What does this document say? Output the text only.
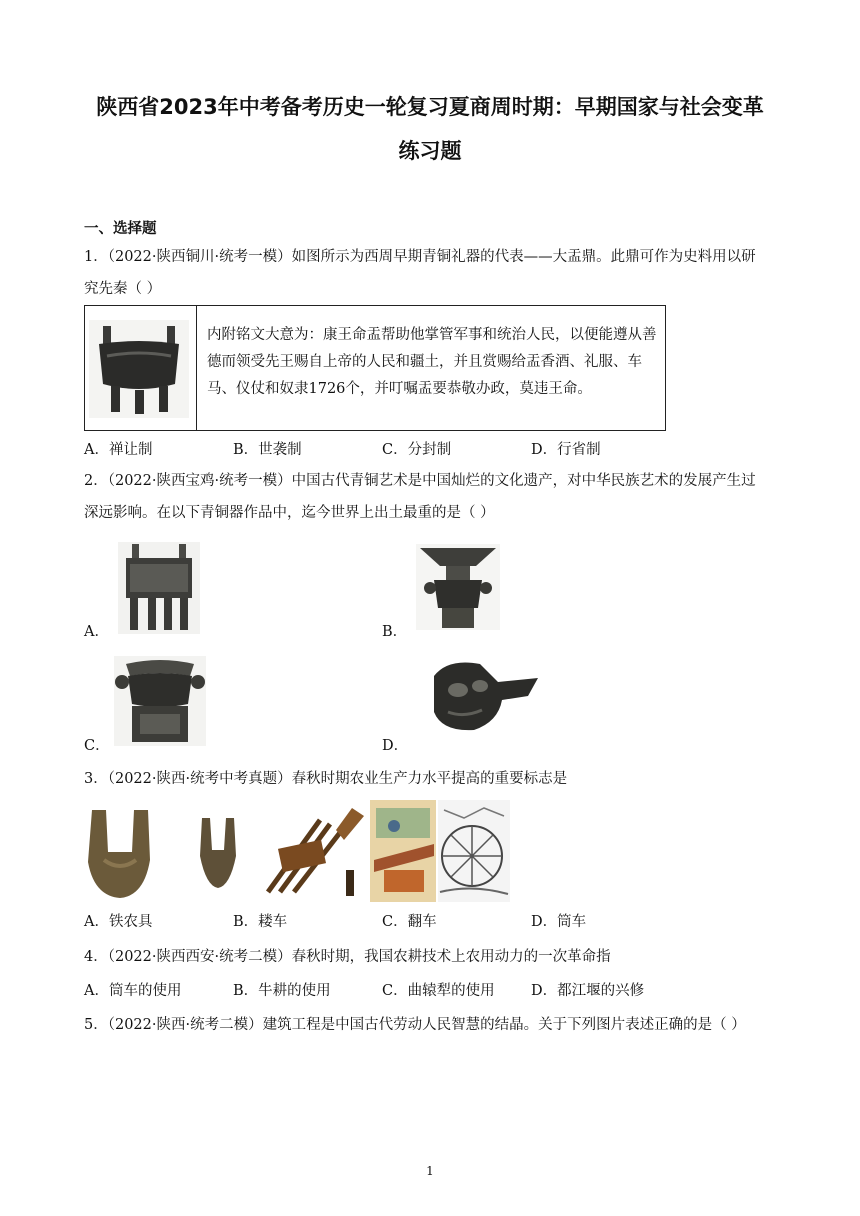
陕西省2023年中考备考历史一轮复习夏商周时期：早期国家与社会变革
练习题
一、选择题
1．（2022·陕西铜川·统考一模）如图所示为西周早期青铜礼器的代表——大盂鼎。此鼎可作为史料用以研
究先秦（ ）
内附铭文大意为：康王命盂帮助他掌管军事和统治人民，以便能遵从善德而领受先王赐自上帝的人民和疆土，并且赏赐给盂香酒、礼服、车马、仪仗和奴隶1726个，并叮嘱盂要恭敬办政，莫违王命。
A．禅让制	B．世袭制	C．分封制	D．行省制
2．（2022·陕西宝鸡·统考一模）中国古代青铜艺术是中国灿烂的文化遗产，对中华民族艺术的发展产生过
深远影响。在以下青铜器作品中，迄今世界上出土最重的是（ ）
A．	B．
C．	D．
3．（2022·陕西·统考中考真题）春秋时期农业生产力水平提高的重要标志是
A．铁农具	B．耧车	C．翻车	D．筒车
4．（2022·陕西西安·统考二模）春秋时期，我国农耕技术上农用动力的一次革命指
A．筒车的使用	B．牛耕的使用	C．曲辕犁的使用	D．都江堰的兴修
5．（2022·陕西·统考二模）建筑工程是中国古代劳动人民智慧的结晶。关于下列图片表述正确的是（ ）
1
